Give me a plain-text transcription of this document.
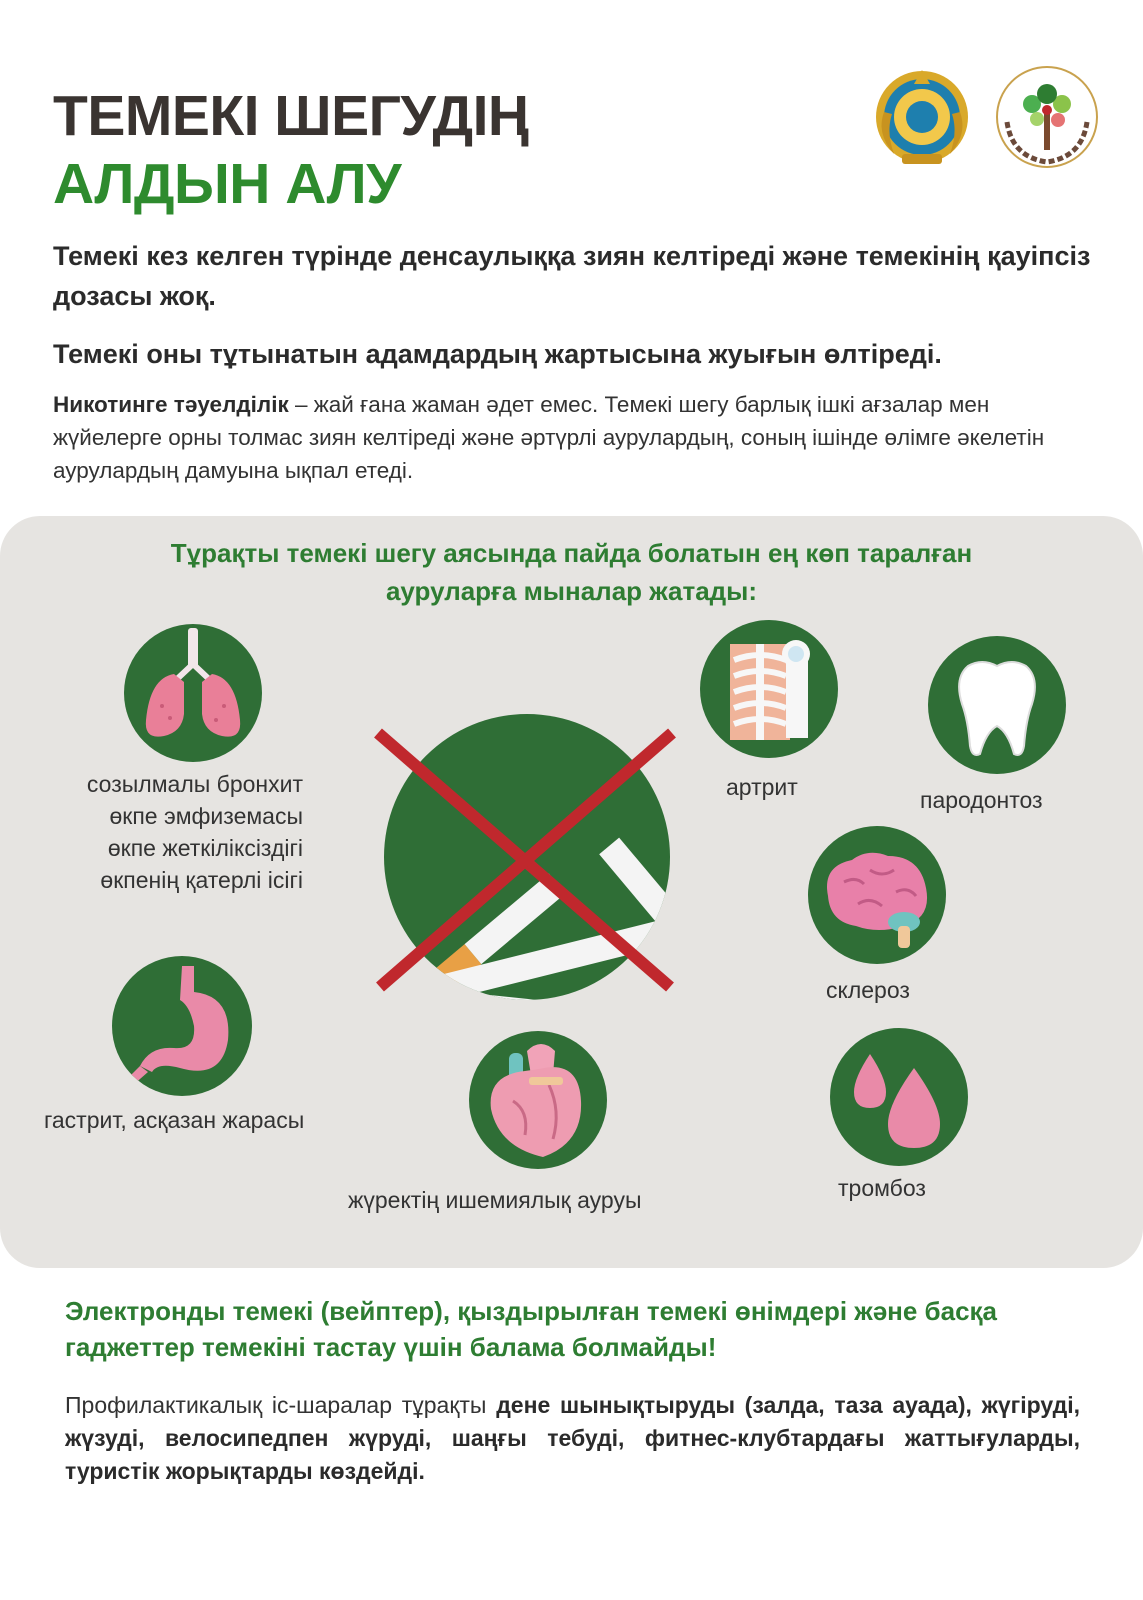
ТЕМЕКІ ШЕГУДІҢ
АЛДЫН АЛУ

Темекі кез келген түрінде денсаулыққа зиян келтіреді және темекінің қауіпсіз дозасы жоқ.

Темекі оны тұтынатын адамдардың жартысына жуығын өлтіреді.

Никотинге тәуелділік – жай ғана жаман әдет емес. Темекі шегу барлық ішкі ағзалар мен жүйелерге орны толмас зиян келтіреді және әртүрлі аурулардың, соның ішінде өлімге әкелетін аурулардың дамуына ықпал етеді.

Тұрақты темекі шегу аясында пайда болатын ең көп таралған
ауруларға мыналар жатады:
созылмалы бронхит
өкпе эмфиземасы
өкпе жеткіліксіздігі
өкпенің қатерлі ісігі
гастрит, асқазан жарасы
жүректің ишемиялық ауруы
артрит	пародонтоз
склероз
тромбоз

Электронды темекі (вейптер), қыздырылған темекі өнімдері және басқа гаджеттер темекіні тастау үшін балама болмайды!

Профилактикалық іс-шаралар тұрақты дене шынықтыруды (залда, таза ауада), жүгіруді, жүзуді, велосипедпен жүруді, шаңғы тебуді, фитнес-клубтардағы жаттығуларды, туристік жорықтарды көздейді.
